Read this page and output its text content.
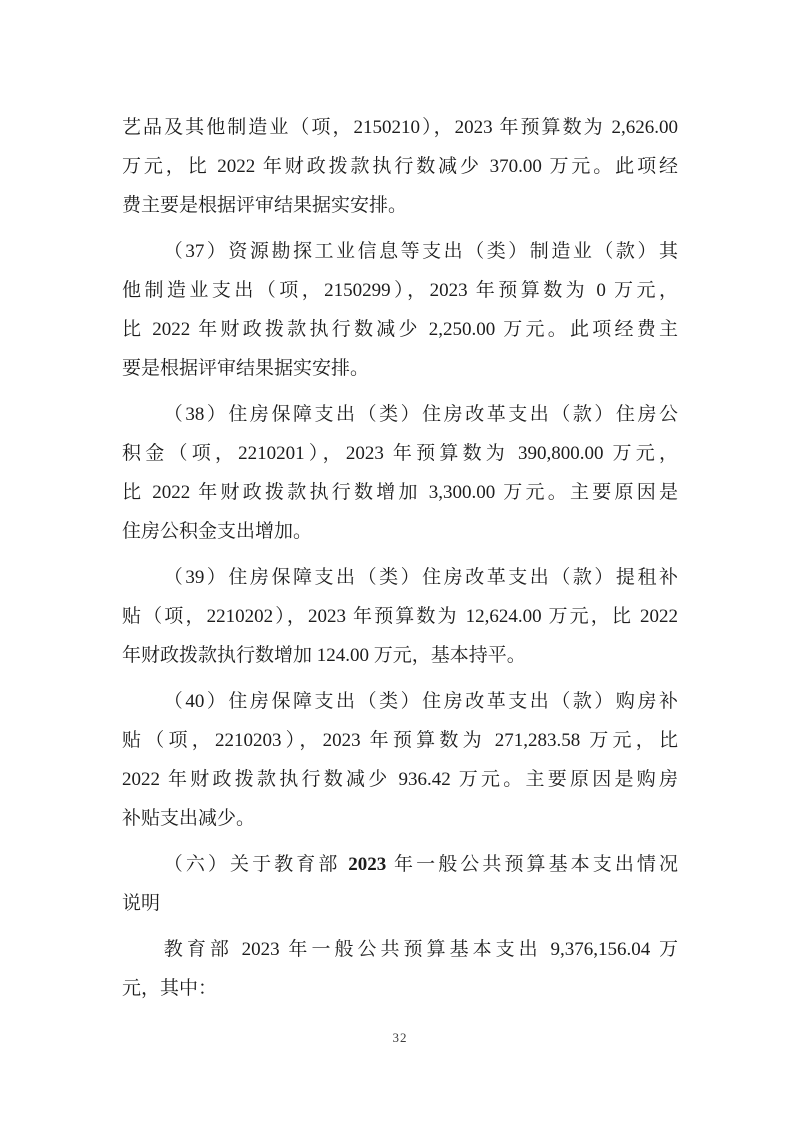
艺品及其他制造业（项，2150210），2023 年预算数为 2,626.00
万元，比 2022 年财政拨款执行数减少 370.00 万元。此项经
费主要是根据评审结果据实安排。
（37）资源勘探工业信息等支出（类）制造业（款）其
他制造业支出（项，2150299），2023 年预算数为 0 万元，
比 2022 年财政拨款执行数减少 2,250.00 万元。此项经费主
要是根据评审结果据实安排。
（38）住房保障支出（类）住房改革支出（款）住房公
积金（项，2210201），2023 年预算数为 390,800.00 万元，
比 2022 年财政拨款执行数增加 3,300.00 万元。主要原因是
住房公积金支出增加。
（39）住房保障支出（类）住房改革支出（款）提租补
贴（项，2210202），2023 年预算数为 12,624.00 万元，比 2022
年财政拨款执行数增加 124.00 万元，基本持平。
（40）住房保障支出（类）住房改革支出（款）购房补
贴（项，2210203），2023 年预算数为 271,283.58 万元，比
2022 年财政拨款执行数减少 936.42 万元。主要原因是购房
补贴支出减少。
（六）关于教育部 2023 年一般公共预算基本支出情况
说明
教育部 2023 年一般公共预算基本支出 9,376,156.04 万
元，其中：
32
